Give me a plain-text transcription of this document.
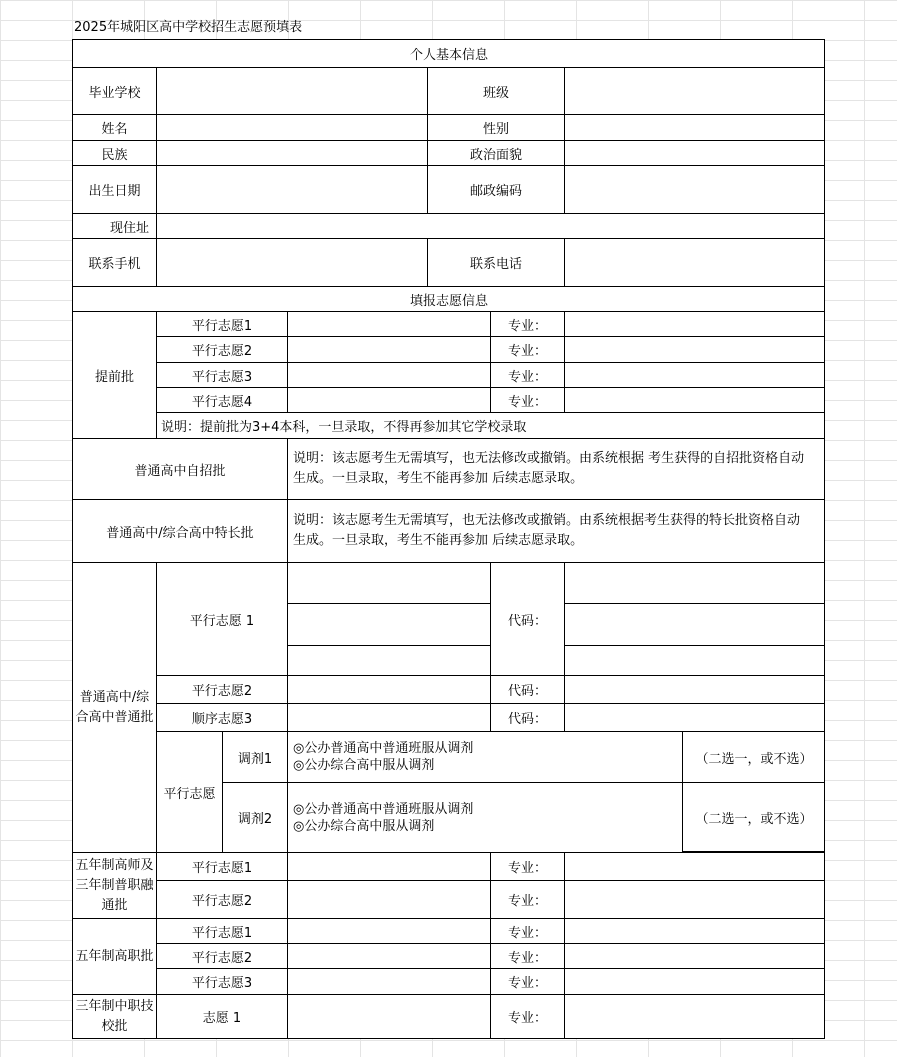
2025年城阳区高中学校招生志愿预填表
个人基本信息
毕业学校	班级
姓名	性别
民族	政治面貌
出生日期	邮政编码
现住址
联系手机	联系电话
填报志愿信息
提前批
平行志愿1	专业：
平行志愿2	专业：
平行志愿3	专业：
平行志愿4	专业：
说明：提前批为3+4本科，一旦录取，不得再参加其它学校录取
普通高中自招批
说明：该志愿考生无需填写，也无法修改或撤销。由系统根据 考生获得的自招批资格自动生成。一旦录取，考生不能再参加 后续志愿录取。
普通高中/综合高中特长批
说明：该志愿考生无需填写，也无法修改或撤销。由系统根据考生获得的特长批资格自动生成。一旦录取，考生不能再参加 后续志愿录取。
普通高中/综合高中普通批
平行志愿 1	代码：
平行志愿2	代码：
顺序志愿3	代码：
平行志愿
调剂1
◎公办普通高中普通班服从调剂
◎公办综合高中服从调剂	（二选一，或不选）
调剂2
◎公办普通高中普通班服从调剂
◎公办综合高中服从调剂	（二选一，或不选）
五年制高师及三年制普职融通批
平行志愿1	专业：
平行志愿2	专业：
五年制高职批
平行志愿1	专业：
平行志愿2	专业：
平行志愿3	专业：
三年制中职技校批	志愿 1	专业：
